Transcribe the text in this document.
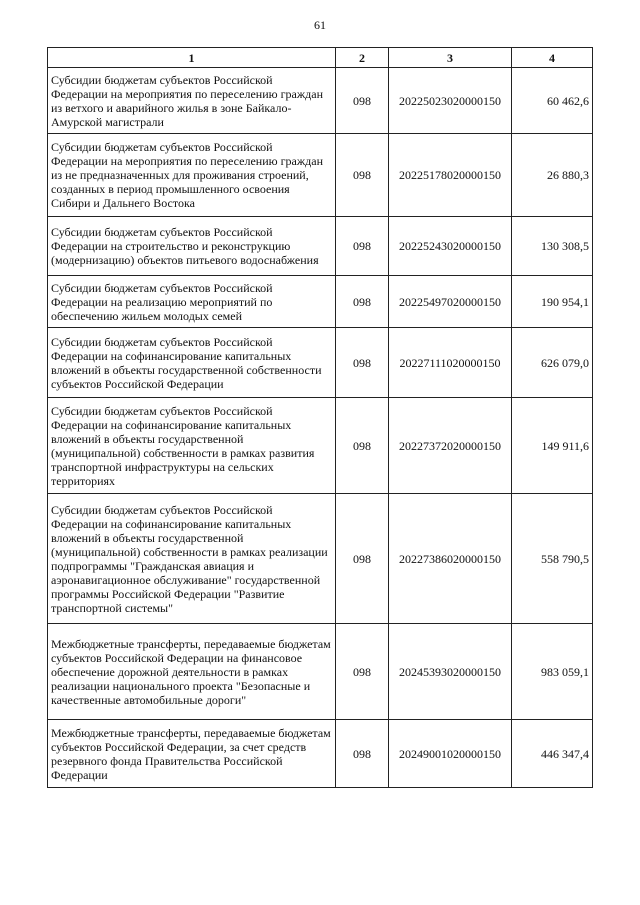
61
1	2	3	4
Субсидии бюджетам субъектов Российской Федерации на мероприятия по переселению граждан из ветхого и аварийного жилья в зоне Байкало-Амурской магистрали	098	20225023020000150	60 462,6
Субсидии бюджетам субъектов Российской Федерации на мероприятия по переселению граждан из не предназначенных для проживания строений, созданных в период промышленного освоения Сибири и Дальнего Востока	098	20225178020000150	26 880,3
Субсидии бюджетам субъектов Российской Федерации на строительство и реконструкцию (модернизацию) объектов питьевого водоснабжения	098	20225243020000150	130 308,5
Субсидии бюджетам субъектов Российской Федерации на реализацию мероприятий по обеспечению жильем молодых семей	098	20225497020000150	190 954,1
Субсидии бюджетам субъектов Российской Федерации на софинансирование капитальных вложений в объекты государственной собственности субъектов Российской Федерации	098	20227111020000150	626 079,0
Субсидии бюджетам субъектов Российской Федерации на софинансирование капитальных вложений в объекты государственной (муниципальной) собственности в рамках развития транспортной инфраструктуры на сельских территориях	098	20227372020000150	149 911,6
Субсидии бюджетам субъектов Российской Федерации на софинансирование капитальных вложений в объекты государственной (муниципальной) собственности в рамках реализации подпрограммы "Гражданская авиация и аэронавигационное обслуживание" государственной программы Российской Федерации "Развитие транспортной системы"	098	20227386020000150	558 790,5
Межбюджетные трансферты, передаваемые бюджетам субъектов Российской Федерации на финансовое обеспечение дорожной деятельности в рамках реализации национального проекта "Безопасные и качественные автомобильные дороги"	098	20245393020000150	983 059,1
Межбюджетные трансферты, передаваемые бюджетам субъектов Российской Федерации, за счет средств резервного фонда Правительства Российской Федерации	098	20249001020000150	446 347,4
